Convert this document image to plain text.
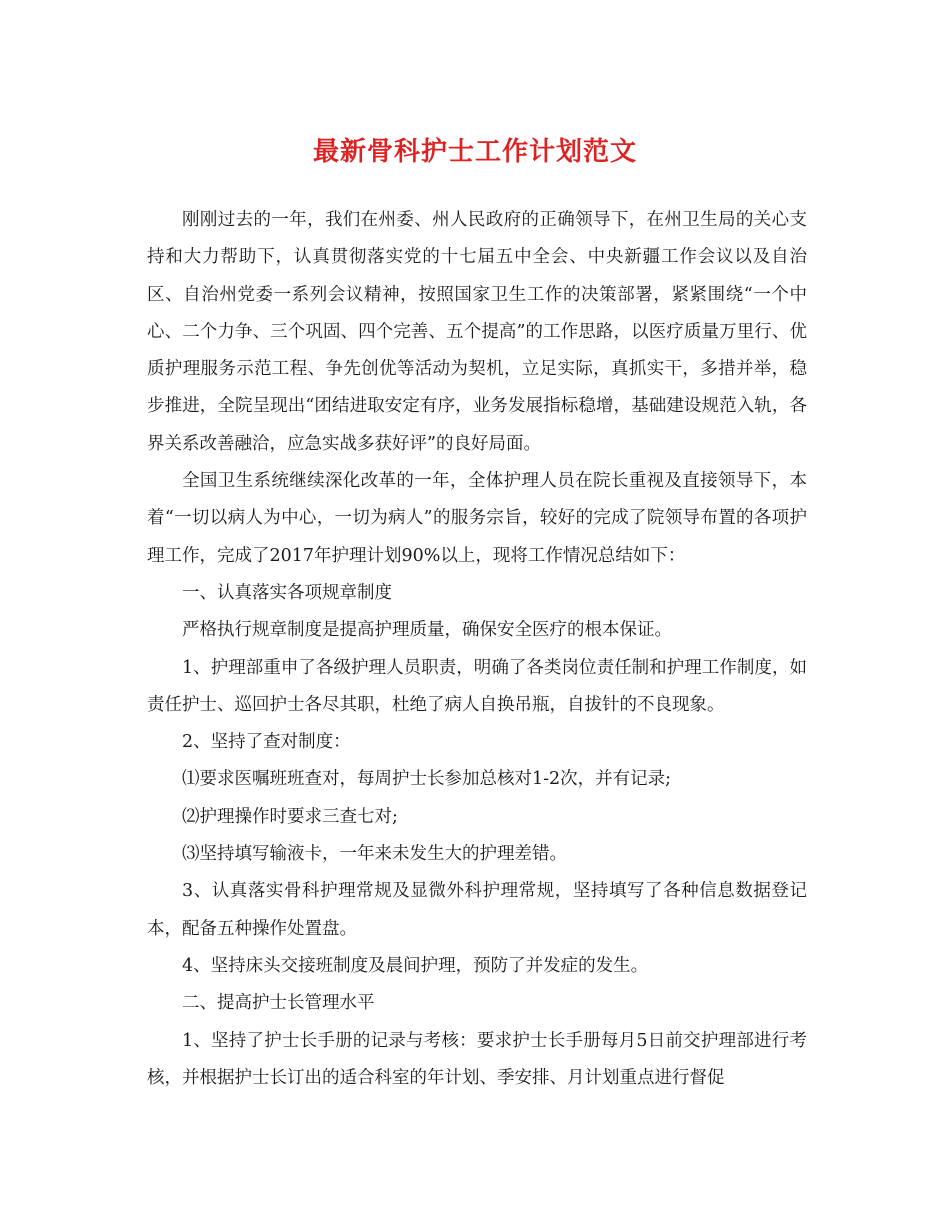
最新骨科护士工作计划范文

刚刚过去的一年，我们在州委、州人民政府的正确领导下，在州卫生局的关心支持和大力帮助下，认真贯彻落实党的十七届五中全会、中央新疆工作会议以及自治区、自治州党委一系列会议精神，按照国家卫生工作的决策部署，紧紧围绕“一个中心、二个力争、三个巩固、四个完善、五个提高”的工作思路，以医疗质量万里行、优质护理服务示范工程、争先创优等活动为契机，立足实际，真抓实干，多措并举，稳步推进，全院呈现出“团结进取安定有序，业务发展指标稳增，基础建设规范入轨，各界关系改善融洽，应急实战多获好评”的良好局面。

全国卫生系统继续深化改革的一年，全体护理人员在院长重视及直接领导下，本着“一切以病人为中心，一切为病人”的服务宗旨，较好的完成了院领导布置的各项护理工作，完成了2017年护理计划90%以上，现将工作情况总结如下：

一、认真落实各项规章制度

严格执行规章制度是提高护理质量，确保安全医疗的根本保证。

1、护理部重申了各级护理人员职责，明确了各类岗位责任制和护理工作制度，如责任护士、巡回护士各尽其职，杜绝了病人自换吊瓶，自拔针的不良现象。

2、坚持了查对制度：

⑴要求医嘱班班查对，每周护士长参加总核对1-2次，并有记录;

⑵护理操作时要求三查七对;

⑶坚持填写输液卡，一年来未发生大的护理差错。

3、认真落实骨科护理常规及显微外科护理常规，坚持填写了各种信息数据登记本，配备五种操作处置盘。

4、坚持床头交接班制度及晨间护理，预防了并发症的发生。

二、提高护士长管理水平

1、坚持了护士长手册的记录与考核：要求护士长手册每月5日前交护理部进行考核，并根据护士长订出的适合科室的年计划、季安排、月计划重点进行督促
